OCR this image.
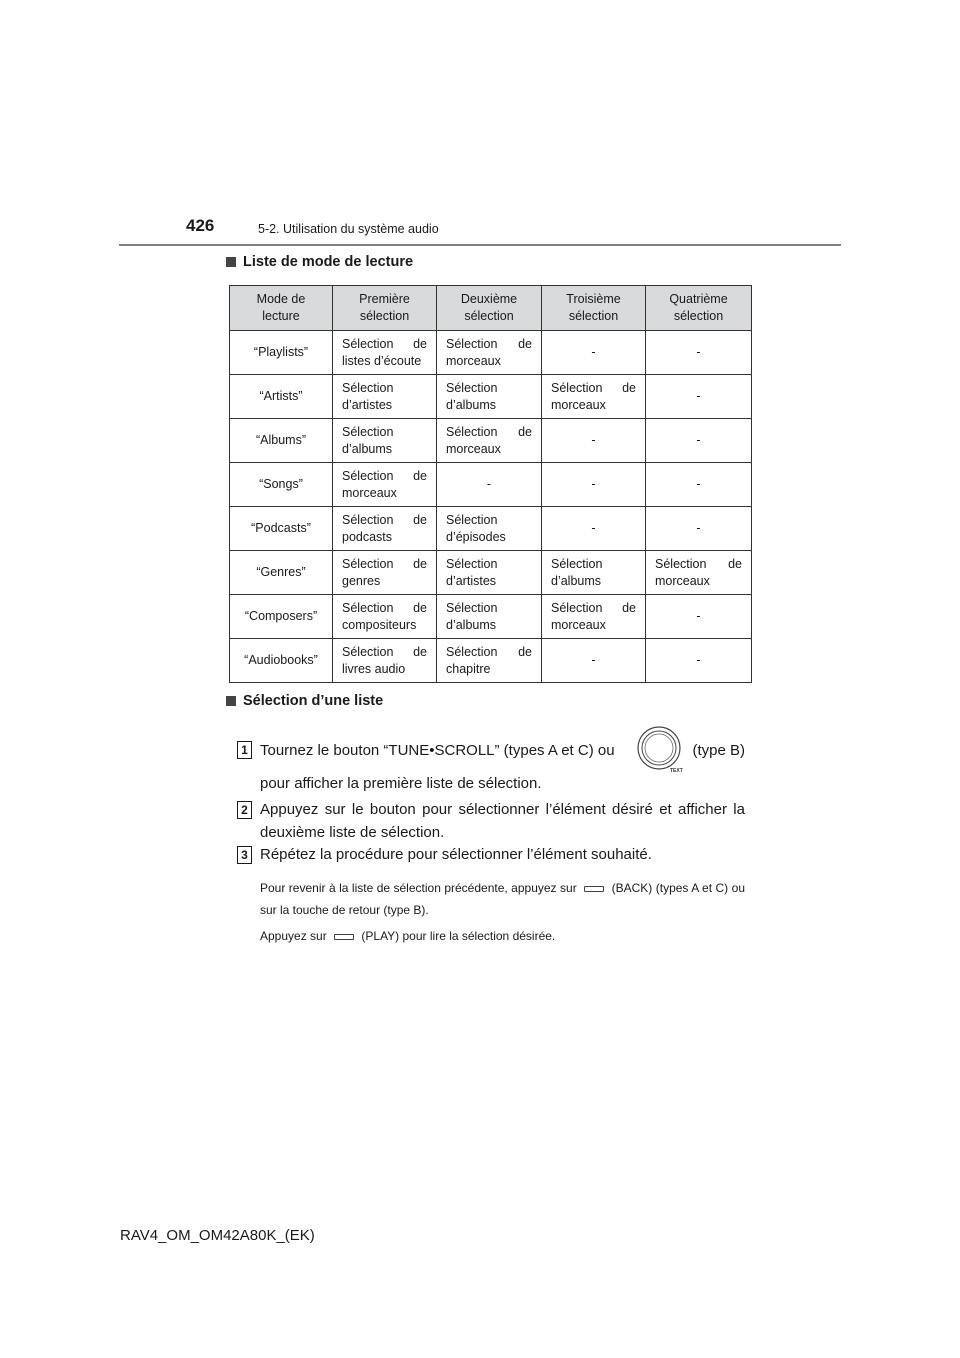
426	5-2. Utilisation du système audio
Liste de mode de lecture
Mode de lecture	Première sélection	Deuxième sélection	Troisième sélection	Quatrième sélection
“Playlists”	Sélection de listes d’écoute	Sélection de morceaux	-	-
“Artists”	Sélection d’artistes	Sélection d’albums	Sélection de morceaux	-
“Albums”	Sélection d’albums	Sélection de morceaux	-	-
“Songs”	Sélection de morceaux	-	-	-
“Podcasts”	Sélection de podcasts	Sélection d’épisodes	-	-
“Genres”	Sélection de genres	Sélection d’artistes	Sélection d’albums	Sélection de morceaux
“Composers”	Sélection de compositeurs	Sélection d’albums	Sélection de morceaux	-
“Audiobooks”	Sélection de livres audio	Sélection de chapitre	-	-
Sélection d’une liste
1 Tournez le bouton “TUNE•SCROLL” (types A et C) ou	(type B)
pour afficher la première liste de sélection.
TEXT
2 Appuyez sur le bouton pour sélectionner l’élément désiré et afficher la deuxième liste de sélection.
3 Répétez la procédure pour sélectionner l’élément souhaité.
Pour revenir à la liste de sélection précédente, appuyez sur	(BACK) (types A et C) ou sur la touche de retour (type B).
Appuyez sur	(PLAY) pour lire la sélection désirée.
RAV4_OM_OM42A80K_(EK)
